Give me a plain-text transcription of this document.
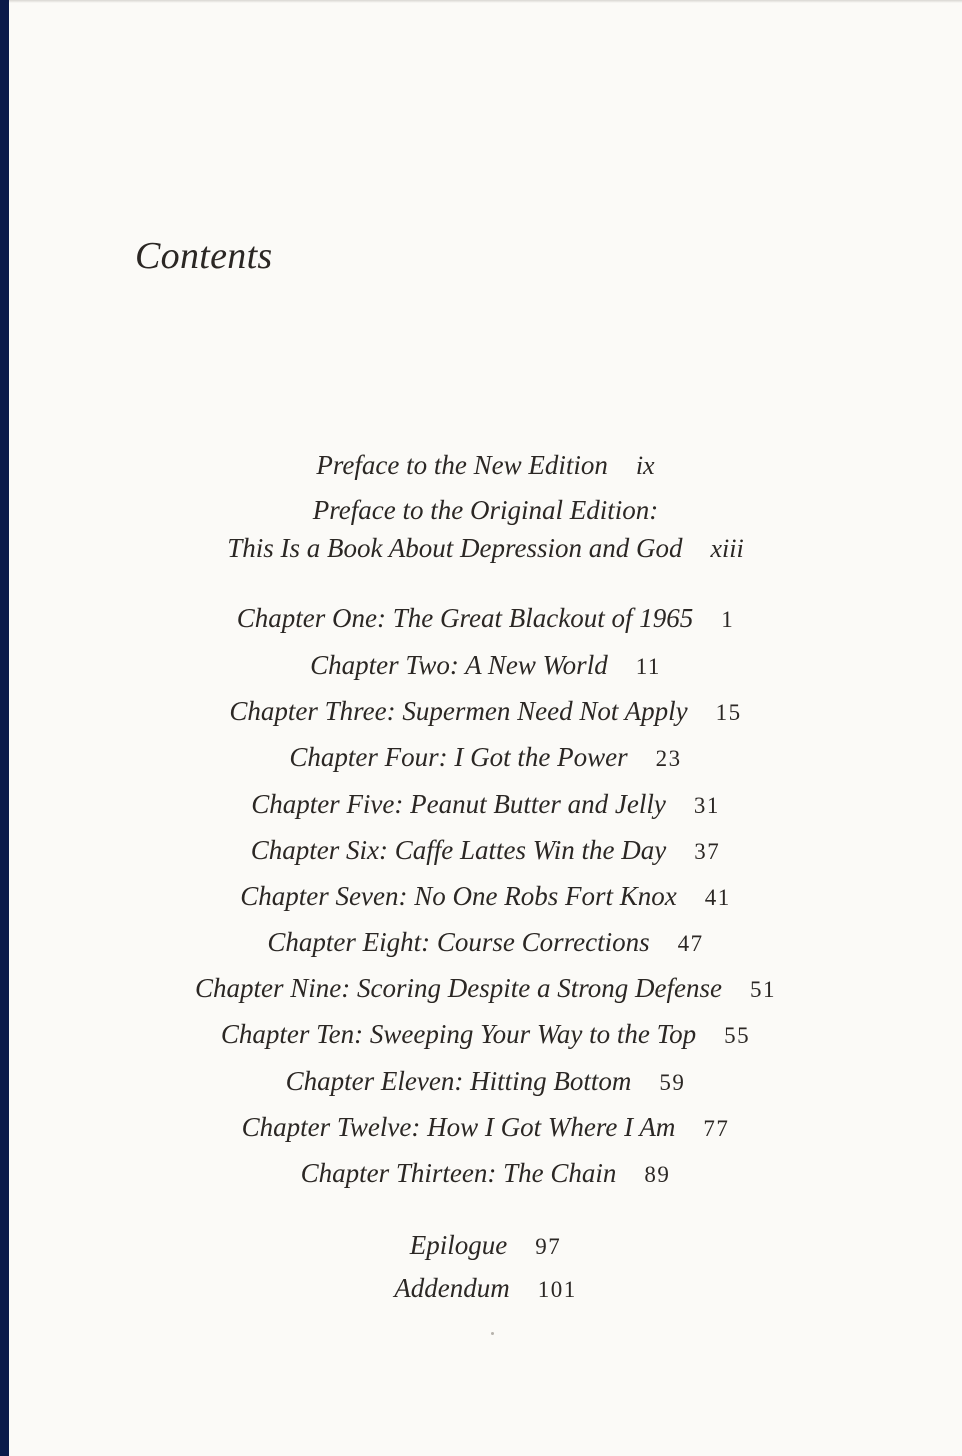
Contents
Preface to the New Edition ix
Preface to the Original Edition:
This Is a Book About Depression and God xiii
Chapter One: The Great Blackout of 1965 1
Chapter Two: A New World 11
Chapter Three: Supermen Need Not Apply 15
Chapter Four: I Got the Power 23
Chapter Five: Peanut Butter and Jelly 31
Chapter Six: Caffe Lattes Win the Day 37
Chapter Seven: No One Robs Fort Knox 41
Chapter Eight: Course Corrections 47
Chapter Nine: Scoring Despite a Strong Defense 51
Chapter Ten: Sweeping Your Way to the Top 55
Chapter Eleven: Hitting Bottom 59
Chapter Twelve: How I Got Where I Am 77
Chapter Thirteen: The Chain 89
Epilogue 97
Addendum 101
